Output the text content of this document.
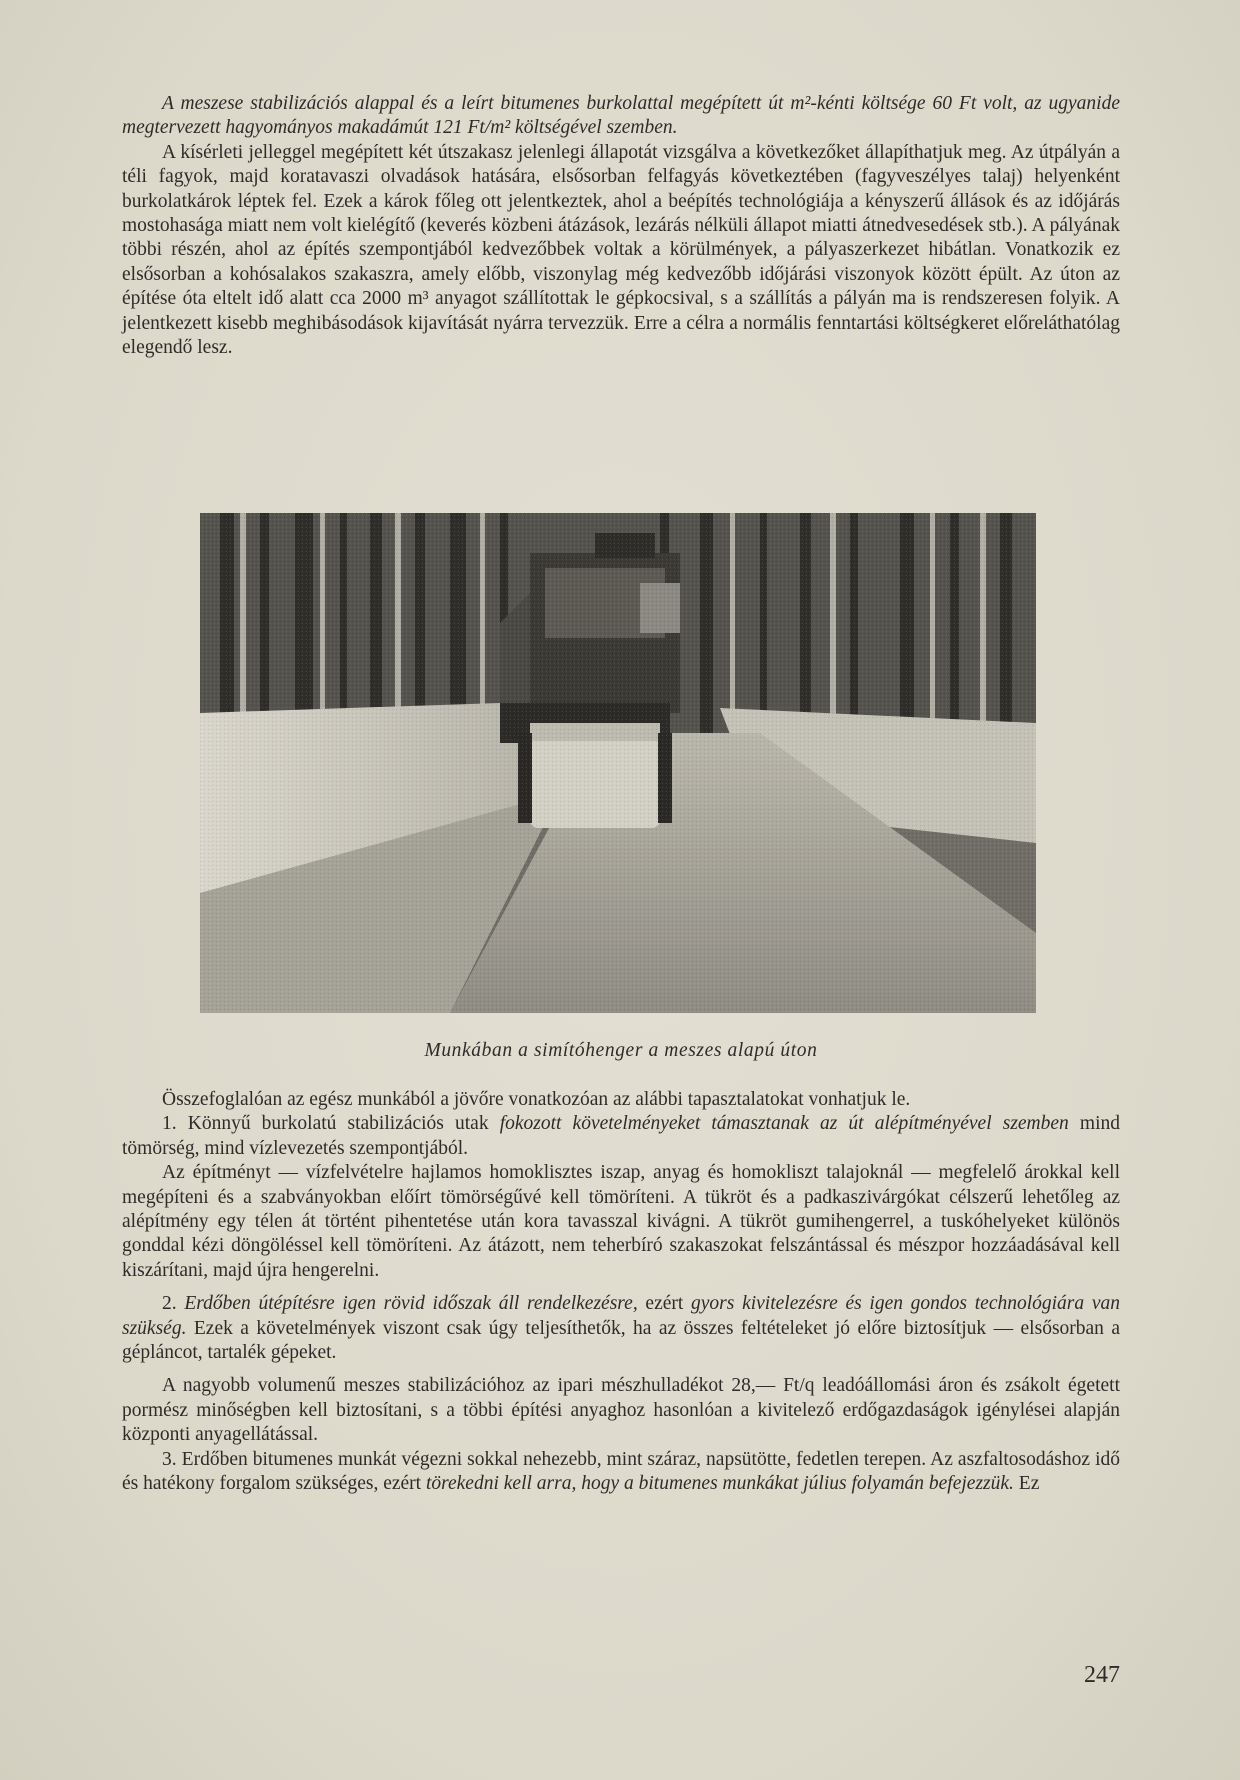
A meszese stabilizációs alappal és a leírt bitumenes burkolattal megépített út m²-kénti költsége 60 Ft volt, az ugyanide megtervezett hagyományos makadámút 121 Ft/m² költségével szemben.

A kísérleti jelleggel megépített két útszakasz jelenlegi állapotát vizsgálva a következőket állapíthatjuk meg. Az útpályán a téli fagyok, majd koratavaszi olvadások hatására, elsősorban felfagyás következtében (fagyveszélyes talaj) helyenként burkolatkárok léptek fel. Ezek a károk főleg ott jelentkeztek, ahol a beépítés technológiája a kényszerű állások és az időjárás mostohasága miatt nem volt kielégítő (keverés közbeni átázások, lezárás nélküli állapot miatti átnedvesedések stb.). A pályának többi részén, ahol az építés szempontjából kedvezőbbek voltak a körülmények, a pályaszerkezet hibátlan. Vonatkozik ez elsősorban a kohósalakos szakaszra, amely előbb, viszonylag még kedvezőbb időjárási viszonyok között épült. Az úton az építése óta eltelt idő alatt cca 2000 m³ anyagot szállítottak le gépkocsival, s a szállítás a pályán ma is rendszeresen folyik. A jelentkezett kisebb meghibásodások kijavítását nyárra tervezzük. Erre a célra a normális fenntartási költségkeret előreláthatólag elegendő lesz.

Munkában a simítóhenger a meszes alapú úton

Összefoglalóan az egész munkából a jövőre vonatkozóan az alábbi tapasztalatokat vonhatjuk le.

1. Könnyű burkolatú stabilizációs utak fokozott követelményeket támasztanak az út alépítményével szemben mind tömörség, mind vízlevezetés szempontjából.

Az építményt — vízfelvételre hajlamos homoklisztes iszap, anyag és homokliszt talajoknál — megfelelő árokkal kell megépíteni és a szabványokban előírt tömörségűvé kell tömöríteni. A tükröt és a padkaszivárgókat célszerű lehetőleg az alépítmény egy télen át történt pihentetése után kora tavasszal kivágni. A tükröt gumihengerrel, a tuskóhelyeket különös gonddal kézi döngöléssel kell tömöríteni. Az átázott, nem teherbíró szakaszokat felszántással és mészpor hozzáadásával kell kiszárítani, majd újra hengerelni.

2. Erdőben útépítésre igen rövid időszak áll rendelkezésre, ezért gyors kivitelezésre és igen gondos technológiára van szükség. Ezek a követelmények viszont csak úgy teljesíthetők, ha az összes feltételeket jó előre biztosítjuk — elsősorban a gépláncot, tartalék gépeket.

A nagyobb volumenű meszes stabilizációhoz az ipari mészhulladékot 28,— Ft/q leadóállomási áron és zsákolt égetett pormész minőségben kell biztosítani, s a többi építési anyaghoz hasonlóan a kivitelező erdőgazdaságok igénylései alapján központi anyagellátással.

3. Erdőben bitumenes munkát végezni sokkal nehezebb, mint száraz, napsütötte, fedetlen terepen. Az aszfaltosodáshoz idő és hatékony forgalom szükséges, ezért törekedni kell arra, hogy a bitumenes munkákat július folyamán befejezzük. Ez

247
